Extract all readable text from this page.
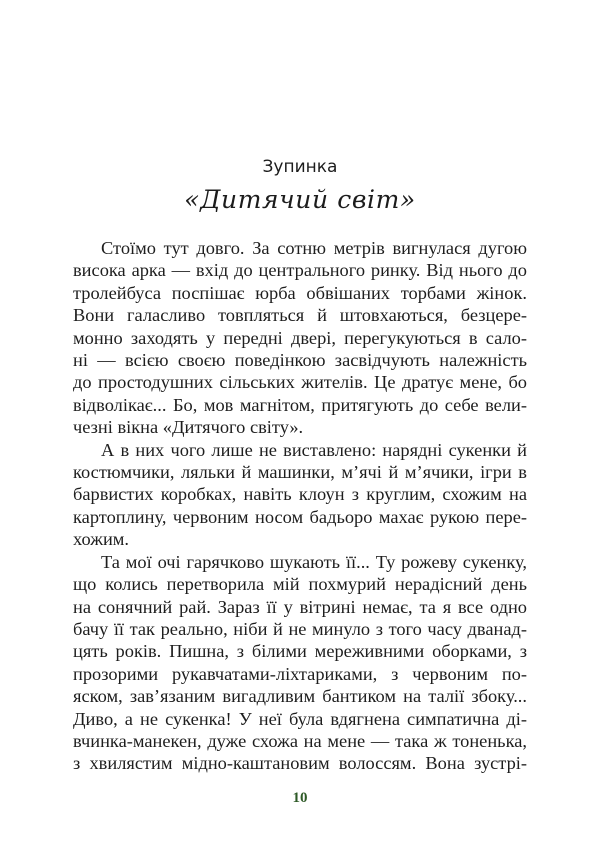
Зупинка
«Дитячий світ»

Стоїмо тут довго. За сотню метрів вигнулася дугою
висока арка — вхід до центрального ринку. Від нього до
тролейбуса поспішає юрба обвішаних торбами жінок.
Вони галасливо товпляться й штовхаються, безцере-
монно заходять у передні двері, перегукуються в сало-
ні — всією своєю поведінкою засвідчують належність
до простодушних сільських жителів. Це дратує мене, бо
відволікає... Бо, мов магнітом, притягують до себе вели-

чезні вікна «Дитячого світу».

А в них чого лише не виставлено: нарядні сукенки й
костюмчики, ляльки й машинки, м’ячі й м’ячики, ігри в
барвистих коробках, навіть клоун з круглим, схожим на
картоплину, червоним носом бадьоро махає рукою пере-

хожим.

Та мої очі гарячково шукають її... Ту рожеву сукенку,
що колись перетворила мій похмурий нерадісний день
на сонячний рай. Зараз її у вітрині немає, та я все одно
бачу її так реально, ніби й не минуло з того часу дванад-
цять років. Пишна, з білими мереживними оборками, з
прозорими рукавчатами-ліхтариками, з червоним по-
яском, зав’язаним вигадливим бантиком на талії збоку...
Диво, а не сукенка! У неї була вдягнена симпатична ді-
вчинка-манекен, дуже схожа на мене — така ж тоненька,
з хвилястим мідно-каштановим волоссям. Вона зустрі-

10
